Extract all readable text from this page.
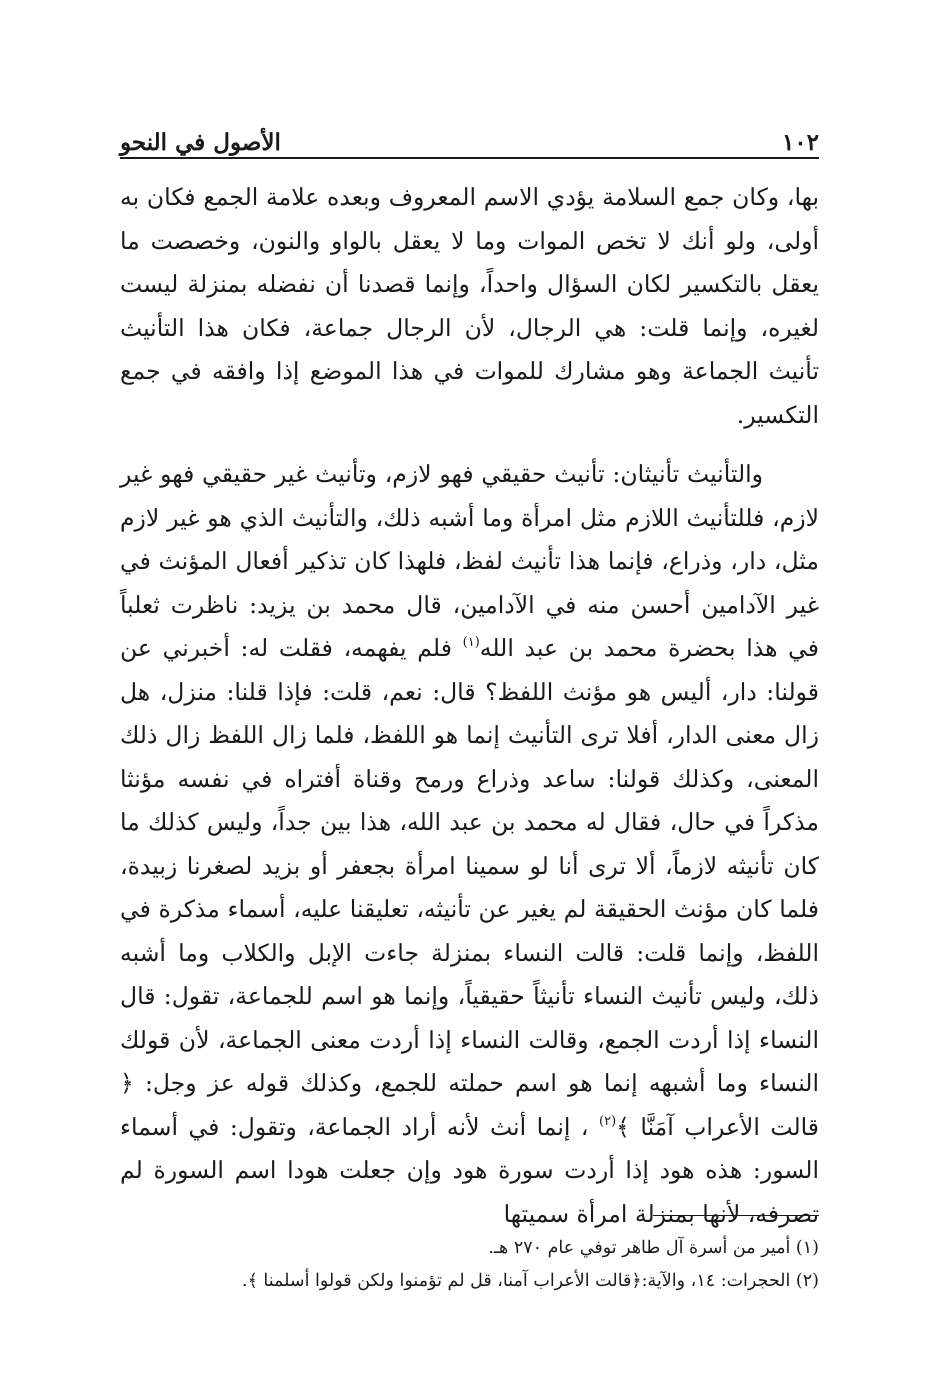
١٠٢
الأصول في النحو

بها، وكان جمع السلامة يؤدي الاسم المعروف وبعده علامة الجمع فكان به أولى، ولو أنك لا تخص الموات وما لا يعقل بالواو والنون، وخصصت ما يعقل بالتكسير لكان السؤال واحداً، وإنما قصدنا أن نفضله بمنزلة ليست لغيره، وإنما قلت: هي الرجال، لأن الرجال جماعة، فكان هذا التأنيث تأنيث الجماعة وهو مشارك للموات في هذا الموضع إذا وافقه في جمع التكسير.

والتأنيث تأنيثان: تأنيث حقيقي فهو لازم، وتأنيث غير حقيقي فهو غير لازم، فللتأنيث اللازم مثل امرأة وما أشبه ذلك، والتأنيث الذي هو غير لازم مثل، دار، وذراع، فإنما هذا تأنيث لفظ، فلهذا كان تذكير أفعال المؤنث في غير الآدامين أحسن منه في الآدامين، قال محمد بن يزيد: ناظرت ثعلباً في هذا بحضرة محمد بن عبد الله$^{(١)}$ فلم يفهمه، فقلت له: أخبرني عن قولنا: دار، أليس هو مؤنث اللفظ؟ قال: نعم، قلت: فإذا قلنا: منزل، هل زال معنى الدار، أفلا ترى التأنيث إنما هو اللفظ، فلما زال اللفظ زال ذلك المعنى، وكذلك قولنا: ساعد وذراع ورمح وقناة أفتراه في نفسه مؤنثا مذكراً في حال، فقال له محمد بن عبد الله، هذا بين جداً، وليس كذلك ما كان تأنيثه لازماً، ألا ترى أنا لو سمينا امرأة بجعفر أو بزيد لصغرنا زبيدة، فلما كان مؤنث الحقيقة لم يغير عن تأنيثه، تعليقنا عليه، أسماء مذكرة في اللفظ، وإنما قلت: قالت النساء بمنزلة جاءت الإبل والكلاب وما أشبه ذلك، وليس تأنيث النساء تأنيثاً حقيقياً، وإنما هو اسم للجماعة، تقول: قال النساء إذا أردت الجمع، وقالت النساء إذا أردت معنى الجماعة، لأن قولك النساء وما أشبهه إنما هو اسم حملته للجمع، وكذلك قوله عز وجل: ﴿ قالت الأعراب آمَنَّا ﴾$^{(٢)}$ ، إنما أنث لأنه أراد الجماعة، وتقول: في أسماء السور: هذه هود إذا أردت سورة هود وإن جعلت هودا اسم السورة لم تصرفه، لأنها بمنزلة امرأة سميتها

(١) أمير من أسرة آل طاهر توفي عام ٢٧٠ هـ.

(٢) الحجرات: ١٤، والآية:﴿قالت الأعراب آمنا، قل لم تؤمنوا ولكن قولوا أسلمنا ﴾.
